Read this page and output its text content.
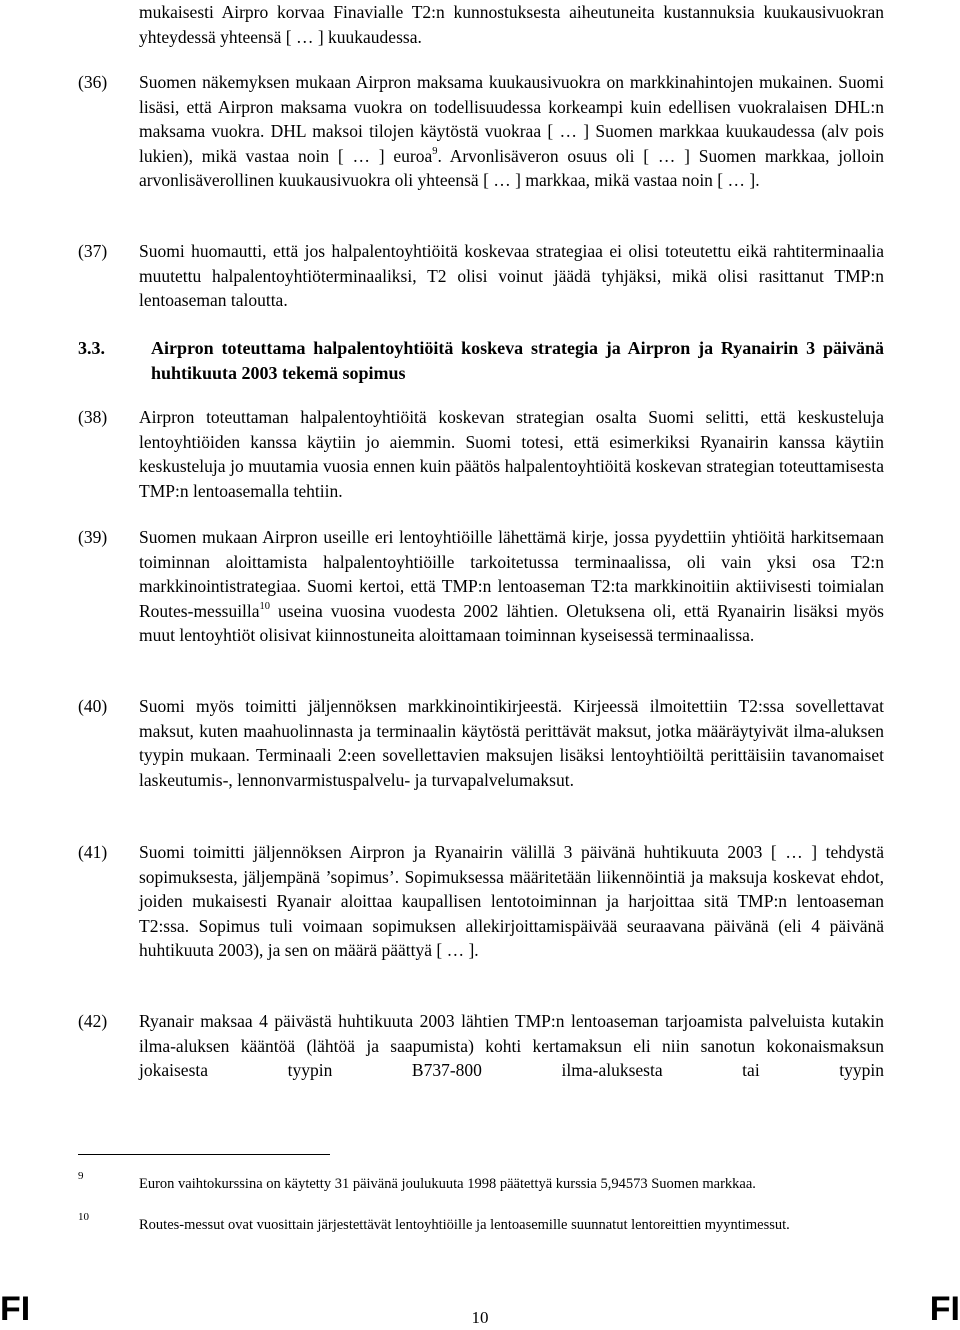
mukaisesti Airpro korvaa Finavialle T2:n kunnostuksesta aiheutuneita kustannuksia kuukausivuokran yhteydessä yhteensä [ … ] kuukaudessa.

(36) Suomen näkemyksen mukaan Airpron maksama kuukausivuokra on markkinahintojen mukainen. Suomi lisäsi, että Airpron maksama vuokra on todellisuudessa korkeampi kuin edellisen vuokralaisen DHL:n maksama vuokra. DHL maksoi tilojen käytöstä vuokraa [ … ] Suomen markkaa kuukaudessa (alv pois lukien), mikä vastaa noin [ … ] euroa$^9$. Arvonlisäveron osuus oli [ … ] Suomen markkaa, jolloin arvonlisäverollinen kuukausivuokra oli yhteensä [ … ] markkaa, mikä vastaa noin [ … ].

(37) Suomi huomautti, että jos halpalentoyhtiöitä koskevaa strategiaa ei olisi toteutettu eikä rahtiterminaalia muutettu halpalentoyhtiöterminaaliksi, T2 olisi voinut jäädä tyhjäksi, mikä olisi rasittanut TMP:n lentoaseman taloutta.

3.3.	Airpron toteuttama halpalentoyhtiöitä koskeva strategia ja Airpron ja Ryanairin 3 päivänä huhtikuuta 2003 tekemä sopimus
(38) Airpron toteuttaman halpalentoyhtiöitä koskevan strategian osalta Suomi selitti, että keskusteluja lentoyhtiöiden kanssa käytiin jo aiemmin. Suomi totesi, että esimerkiksi Ryanairin kanssa käytiin keskusteluja jo muutamia vuosia ennen kuin päätös halpalentoyhtiöitä koskevan strategian toteuttamisesta TMP:n lentoasemalla tehtiin.

(39) Suomen mukaan Airpron useille eri lentoyhtiöille lähettämä kirje, jossa pyydettiin yhtiöitä harkitsemaan toiminnan aloittamista halpalentoyhtiöille tarkoitetussa terminaalissa, oli vain yksi osa T2:n markkinointistrategiaa. Suomi kertoi, että TMP:n lentoaseman T2:ta markkinoitiin aktiivisesti toimialan Routes-messuilla$^{10}$ useina vuosina vuodesta 2002 lähtien. Oletuksena oli, että Ryanairin lisäksi myös muut lentoyhtiöt olisivat kiinnostuneita aloittamaan toiminnan kyseisessä terminaalissa.

(40) Suomi myös toimitti jäljennöksen markkinointikirjeestä. Kirjeessä ilmoitettiin T2:ssa sovellettavat maksut, kuten maahuolinnasta ja terminaalin käytöstä perittävät maksut, jotka määräytyivät ilma-aluksen tyypin mukaan. Terminaali 2:een sovellettavien maksujen lisäksi lentoyhtiöiltä perittäisiin tavanomaiset laskeutumis-, lennonvarmistuspalvelu- ja turvapalvelumaksut.

(41) Suomi toimitti jäljennöksen Airpron ja Ryanairin välillä 3 päivänä huhtikuuta 2003 [ … ] tehdystä sopimuksesta, jäljempänä ’sopimus’. Sopimuksessa määritetään liikennöintiä ja maksuja koskevat ehdot, joiden mukaisesti Ryanair aloittaa kaupallisen lentotoiminnan ja harjoittaa sitä TMP:n lentoaseman T2:ssa. Sopimus tuli voimaan sopimuksen allekirjoittamispäivää seuraavana päivänä (eli 4 päivänä huhtikuuta 2003), ja sen on määrä päättyä [ … ].

(42) Ryanair maksaa 4 päivästä huhtikuuta 2003 lähtien TMP:n lentoaseman tarjoamista palveluista kutakin ilma-aluksen kääntöä (lähtöä ja saapumista) kohti kertamaksun eli niin sanotun kokonaismaksun jokaisesta tyypin B737-800 ilma-aluksesta tai tyypin

9	Euron vaihtokurssina on käytetty 31 päivänä joulukuuta 1998 päätettyä kurssia 5,94573 Suomen markkaa.
10	Routes-messut ovat vuosittain järjestettävät lentoyhtiöille ja lentoasemille suunnatut lentoreittien myyntimessut.
FI	10	FI
